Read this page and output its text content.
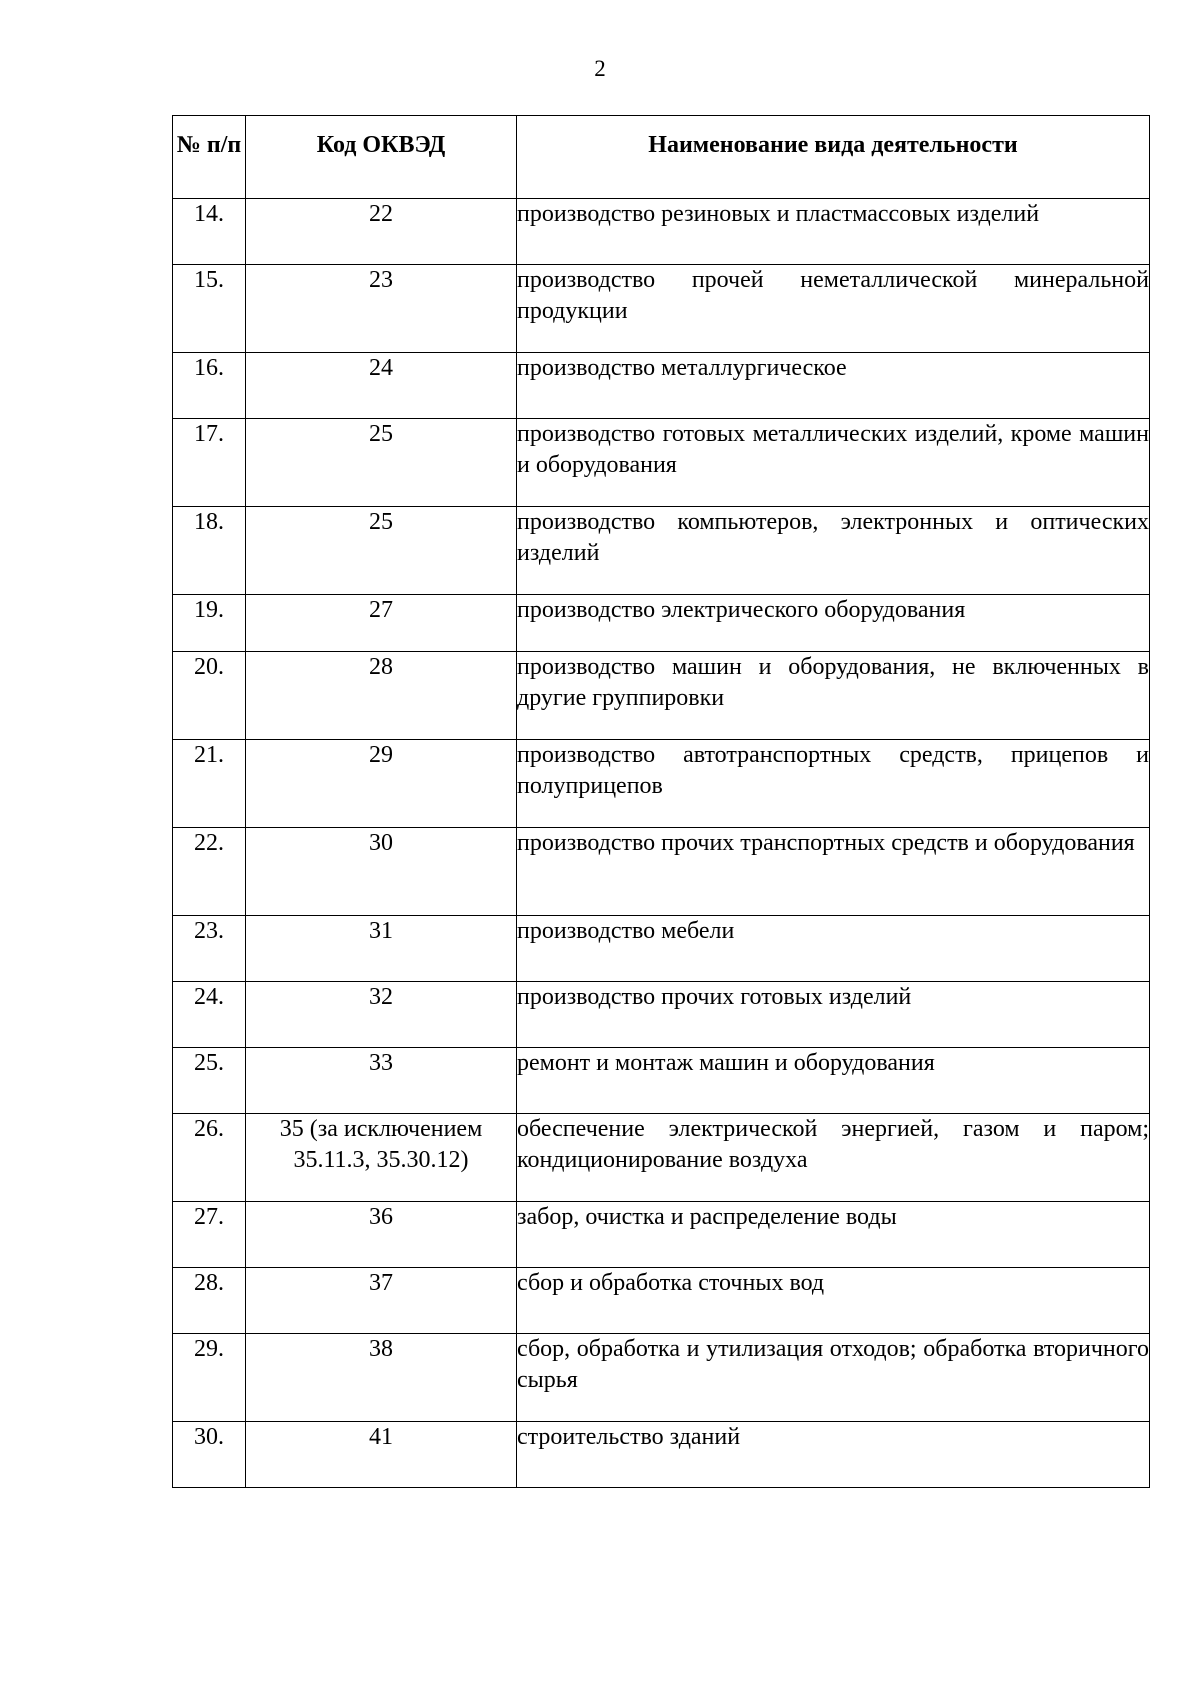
2
№ п/п	Код ОКВЭД	Наименование вида деятельности

14.	22	производство резиновых и пластмассовых изделий
15.	23	производство прочей неметаллической минеральной продукции
16.	24	производство металлургическое
17.	25	производство готовых металлических изделий, кроме машин и оборудования
18.	25	производство компьютеров, электронных и оптических изделий
19.	27	производство электрического оборудования
20.	28	производство машин и оборудования, не включенных в другие группировки
21.	29	производство автотранспортных средств, прицепов и полуприцепов
22.	30	производство прочих транспортных средств и оборудования
23.	31	производство мебели
24.	32	производство прочих готовых изделий
25.	33	ремонт и монтаж машин и оборудования
26.	35 (за исключением 35.11.3, 35.30.12)	обеспечение электрической энергией, газом и паром; кондиционирование воздуха
27.	36	забор, очистка и распределение воды
28.	37	сбор и обработка сточных вод
29.	38	сбор, обработка и утилизация отходов; обработка вторичного сырья
30.	41	строительство зданий
